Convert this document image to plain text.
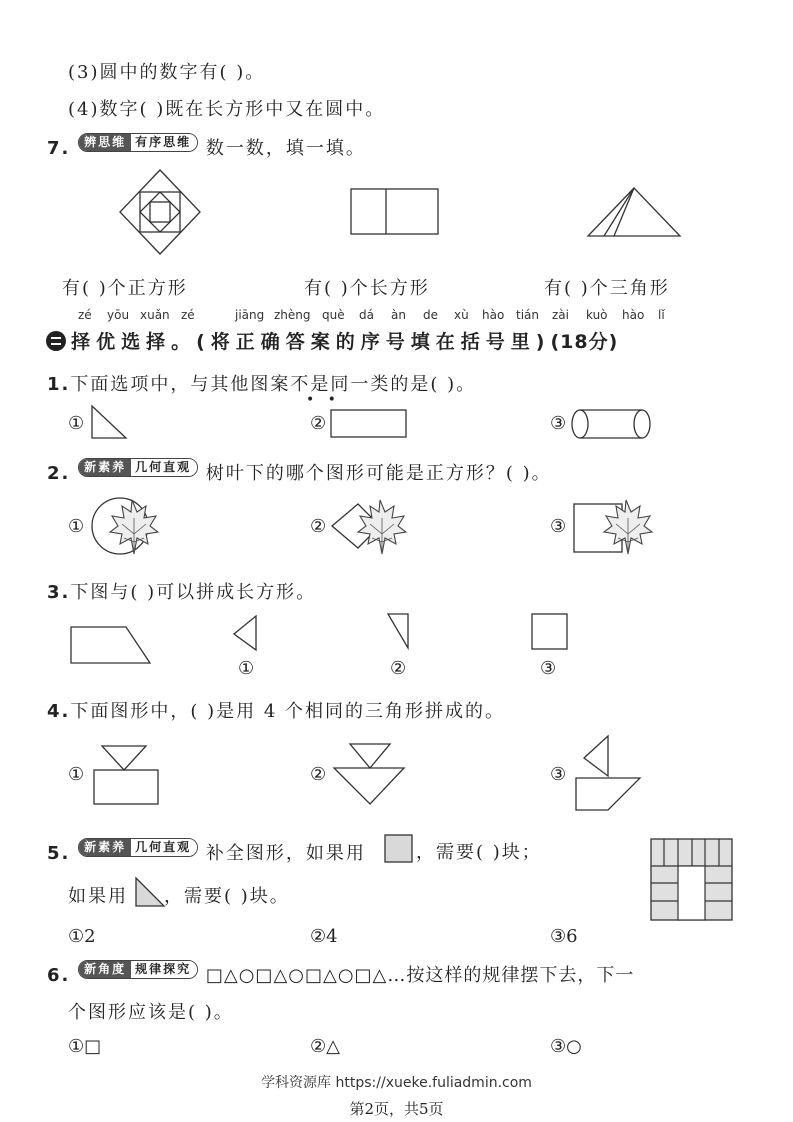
(3)圆中的数字有( )。
(4)数字( )既在长方形中又在圆中。
7. 辨思维 有序思维 数一数，填一填。
有( )个正方形	有( )个长方形	有( )个三角形
zé yōu xuǎn zé	jiāng zhèng què dá àn de xù hào tián zài kuò hào lǐ
择优选择。(将正确答案的序号填在括号里)(18分)
1.下面选项中，与其他图案不是同一类的是( )。
•   •
①	②	③
2. 新素养 几何直观 树叶下的哪个图形可能是正方形？( )。
①	②	③
3.下图与( )可以拼成长方形。
①	②	③
4.下面图形中，( )是用 4 个相同的三角形拼成的。
①	②	③
5. 新素养 几何直观 补全图形，如果用	，需要( )块；
如果用 ，需要( )块。
①2	②4	③6
6. 新角度 规律探究 □△○□△○□△○□△…按这样的规律摆下去，下一
个图形应该是( )。
①□	②△	③○
学科资源库 https://xueke.fuliadmin.com
第2页，共5页
